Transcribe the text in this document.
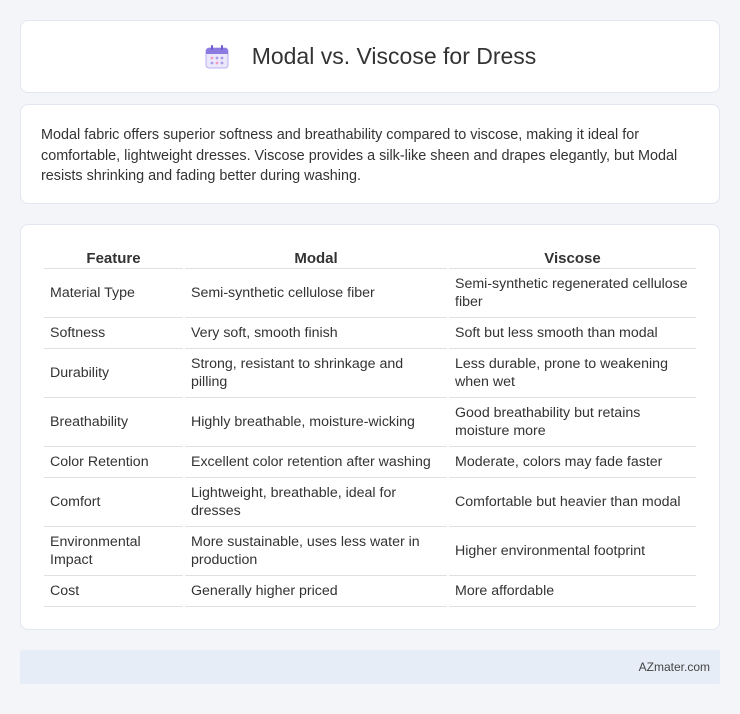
Modal vs. Viscose for Dress

Modal fabric offers superior softness and breathability compared to viscose, making it ideal for comfortable, lightweight dresses. Viscose provides a silk-like sheen and drapes elegantly, but Modal resists shrinking and fading better during washing.

Feature	Modal	Viscose
Material Type	Semi-synthetic cellulose fiber	Semi-synthetic regenerated cellulose fiber
Softness	Very soft, smooth finish	Soft but less smooth than modal
Durability	Strong, resistant to shrinkage and pilling	Less durable, prone to weakening when wet
Breathability	Highly breathable, moisture-wicking	Good breathability but retains moisture more
Color Retention	Excellent color retention after washing	Moderate, colors may fade faster
Comfort	Lightweight, breathable, ideal for dresses	Comfortable but heavier than modal
Environmental Impact	More sustainable, uses less water in production	Higher environmental footprint
Cost	Generally higher priced	More affordable
AZmater.com
